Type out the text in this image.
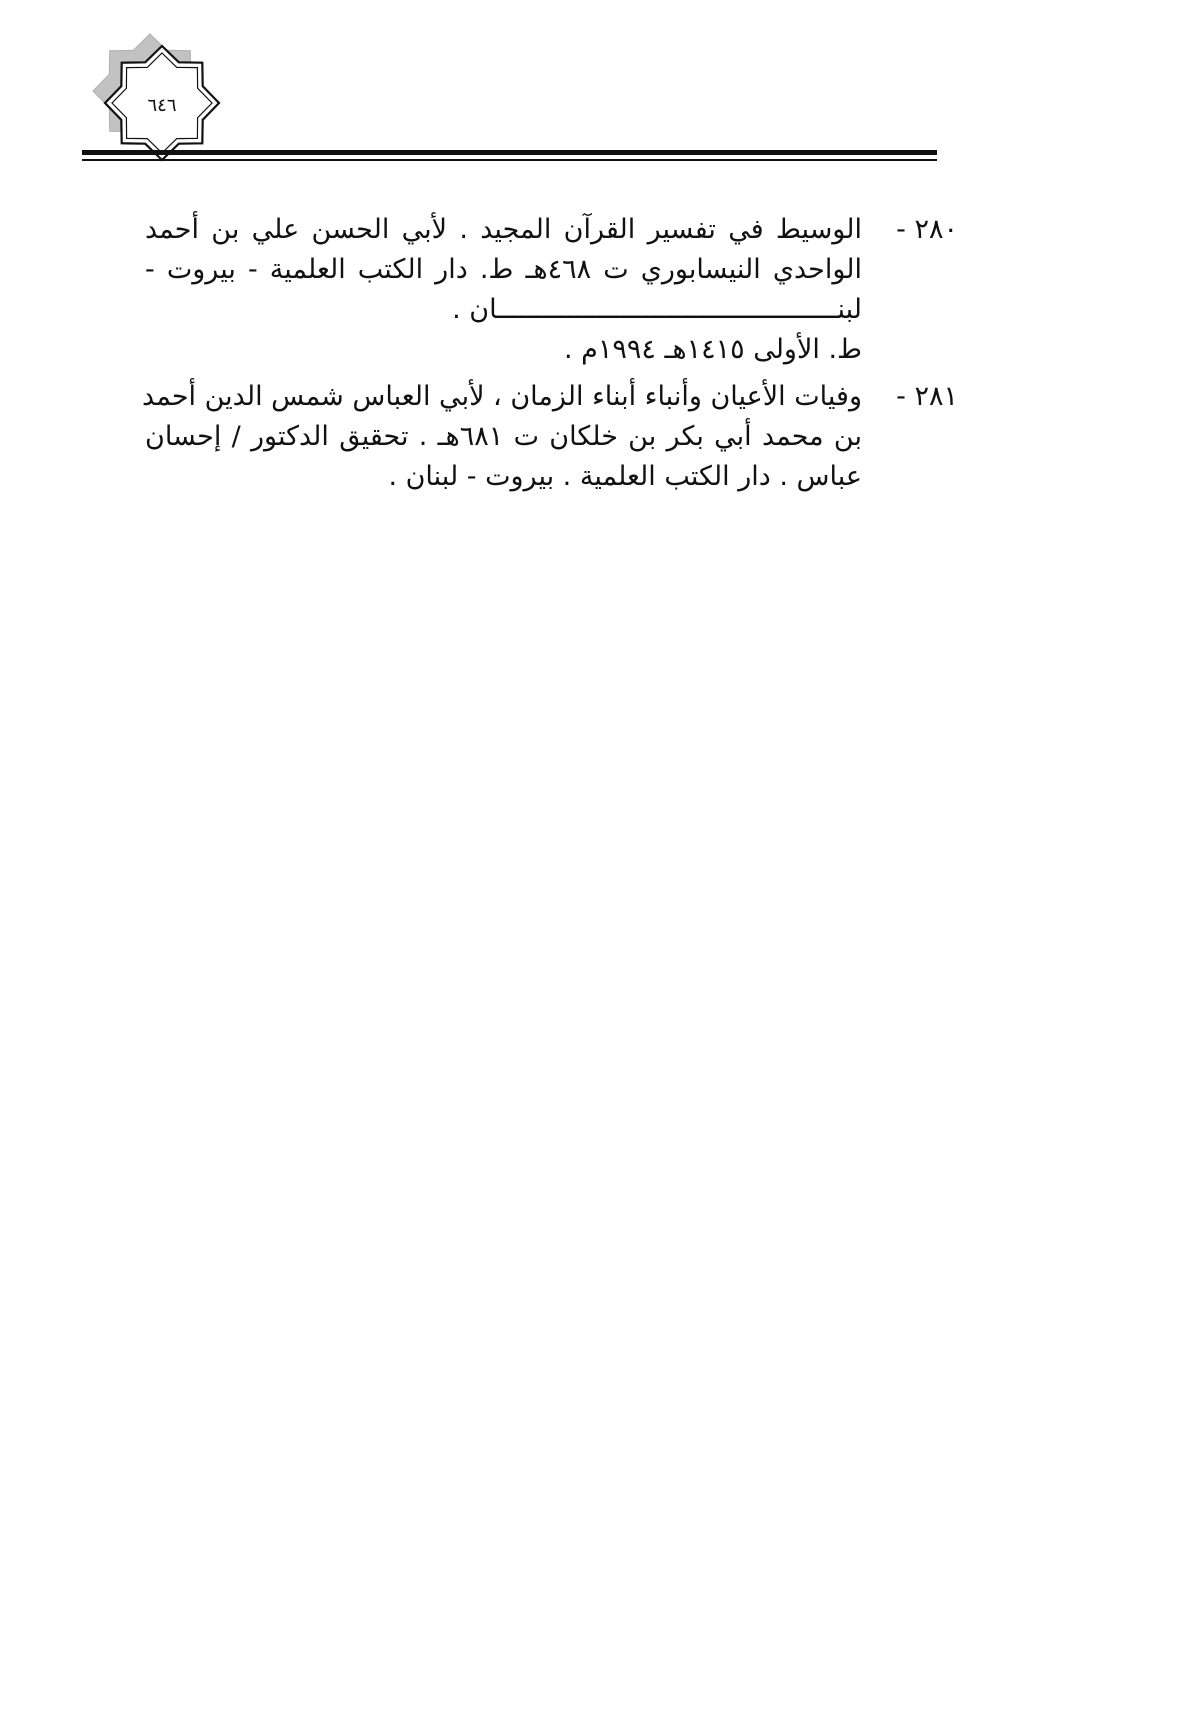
٦٤٦
٢٨٠ -
الوسيط في تفسير القرآن المجيد . لأبي الحسن علي بن أحمد
الواحدي النيسابوري ت ٤٦٨هـ ط. دار الكتب العلمية - بيروت -
لبنـــــــــــــــــــــــــــــــــــــــــــان .
ط. الأولى ١٤١٥هـ ١٩٩٤م .
٢٨١ -
وفيات الأعيان وأنباء أبناء الزمان ، لأبي العباس شمس الدين أحمد
بن محمد أبي بكر بن خلكان ت ٦٨١هـ . تحقيق الدكتور / إحسان
عباس . دار الكتب العلمية . بيروت - لبنان .
